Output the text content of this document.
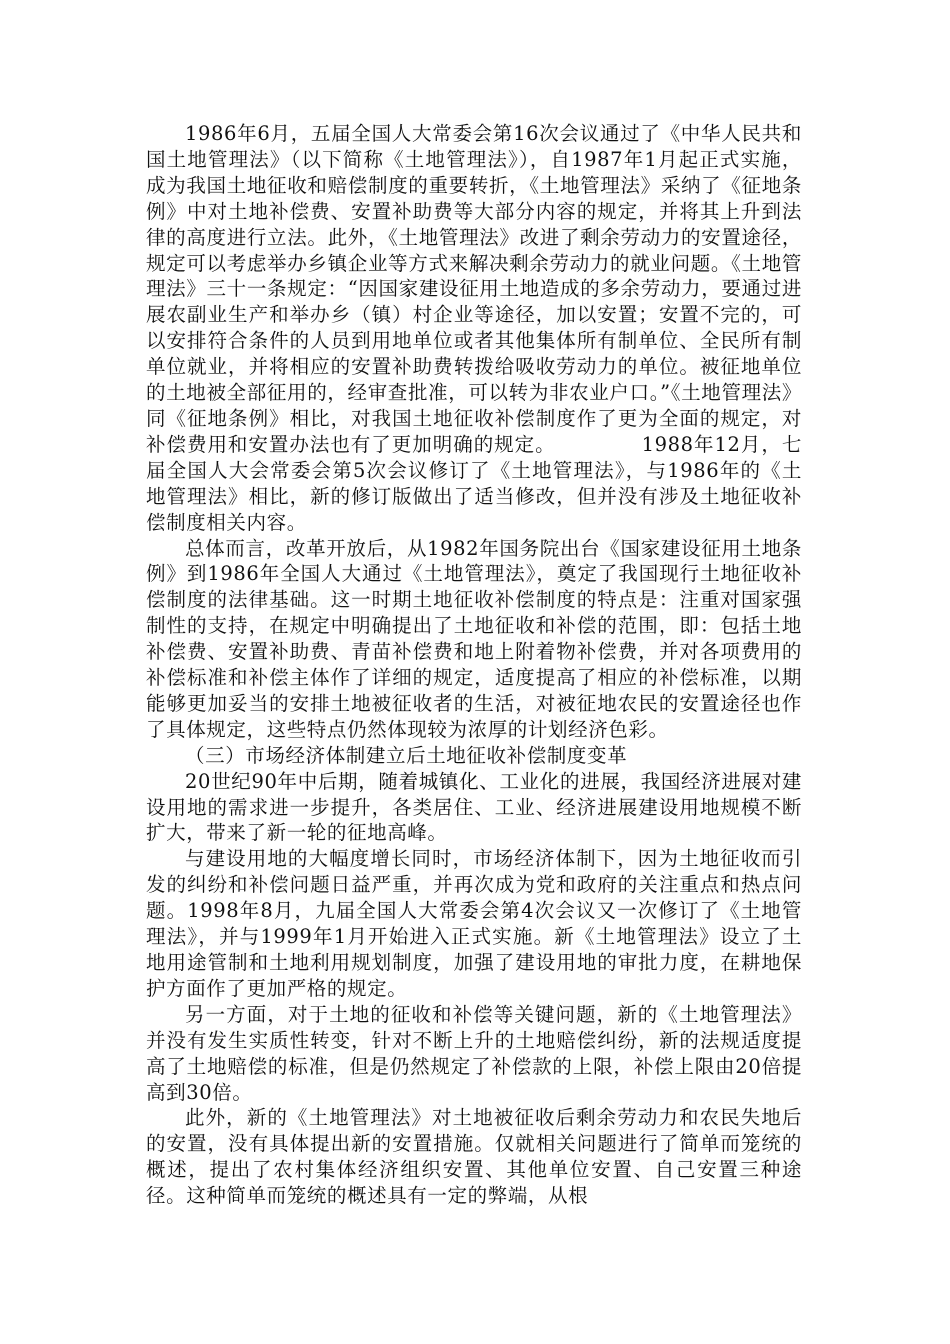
1986年6月，五届全国人大常委会第16次会议通过了《中华人民共和国土地管理法》（以下简称《土地管理法》），自1987年1月起正式实施，成为我国土地征收和赔偿制度的重要转折，《土地管理法》采纳了《征地条例》中对土地补偿费、安置补助费等大部分内容的规定，并将其上升到法律的高度进行立法。此外，《土地管理法》改进了剩余劳动力的安置途径，规定可以考虑举办乡镇企业等方式来解决剩余劳动力的就业问题。《土地管理法》三十一条规定：“因国家建设征用土地造成的多余劳动力，要通过进展农副业生产和举办乡（镇）村企业等途径，加以安置；安置不完的，可以安排符合条件的人员到用地单位或者其他集体所有制单位、全民所有制单位就业，并将相应的安置补助费转拨给吸收劳动力的单位。被征地单位的土地被全部征用的，经审查批准，可以转为非农业户口。”《土地管理法》同《征地条例》相比，对我国土地征收补偿制度作了更为全面的规定，对补偿费用和安置办法也有了更加明确的规定。	1988年12月，七届全国人大会常委会第5次会议修订了《土地管理法》，与1986年的《土地管理法》相比，新的修订版做出了适当修改，但并没有涉及土地征收补偿制度相关内容。

总体而言，改革开放后，从1982年国务院出台《国家建设征用土地条例》到1986年全国人大通过《土地管理法》，奠定了我国现行土地征收补偿制度的法律基础。这一时期土地征收补偿制度的特点是：注重对国家强制性的支持，在规定中明确提出了土地征收和补偿的范围，即：包括土地补偿费、安置补助费、青苗补偿费和地上附着物补偿费，并对各项费用的补偿标准和补偿主体作了详细的规定，适度提高了相应的补偿标准，以期能够更加妥当的安排土地被征收者的生活，对被征地农民的安置途径也作了具体规定，这些特点仍然体现较为浓厚的计划经济色彩。

（三）市场经济体制建立后土地征收补偿制度变革

20世纪90年中后期，随着城镇化、工业化的进展，我国经济进展对建设用地的需求进一步提升，各类居住、工业、经济进展建设用地规模不断扩大，带来了新一轮的征地高峰。

与建设用地的大幅度增长同时，市场经济体制下，因为土地征收而引发的纠纷和补偿问题日益严重，并再次成为党和政府的关注重点和热点问题。1998年8月，九届全国人大常委会第4次会议又一次修订了《土地管理法》，并与1999年1月开始进入正式实施。新《土地管理法》设立了土地用途管制和土地利用规划制度，加强了建设用地的审批力度，在耕地保护方面作了更加严格的规定。

另一方面，对于土地的征收和补偿等关键问题，新的《土地管理法》并没有发生实质性转变，针对不断上升的土地赔偿纠纷，新的法规适度提高了土地赔偿的标准，但是仍然规定了补偿款的上限，补偿上限由20倍提高到30倍。

此外，新的《土地管理法》对土地被征收后剩余劳动力和农民失地后的安置，没有具体提出新的安置措施。仅就相关问题进行了简单而笼统的概述，提出了农村集体经济组织安置、其他单位安置、自己安置三种途径。这种简单而笼统的概述具有一定的弊端，从根
